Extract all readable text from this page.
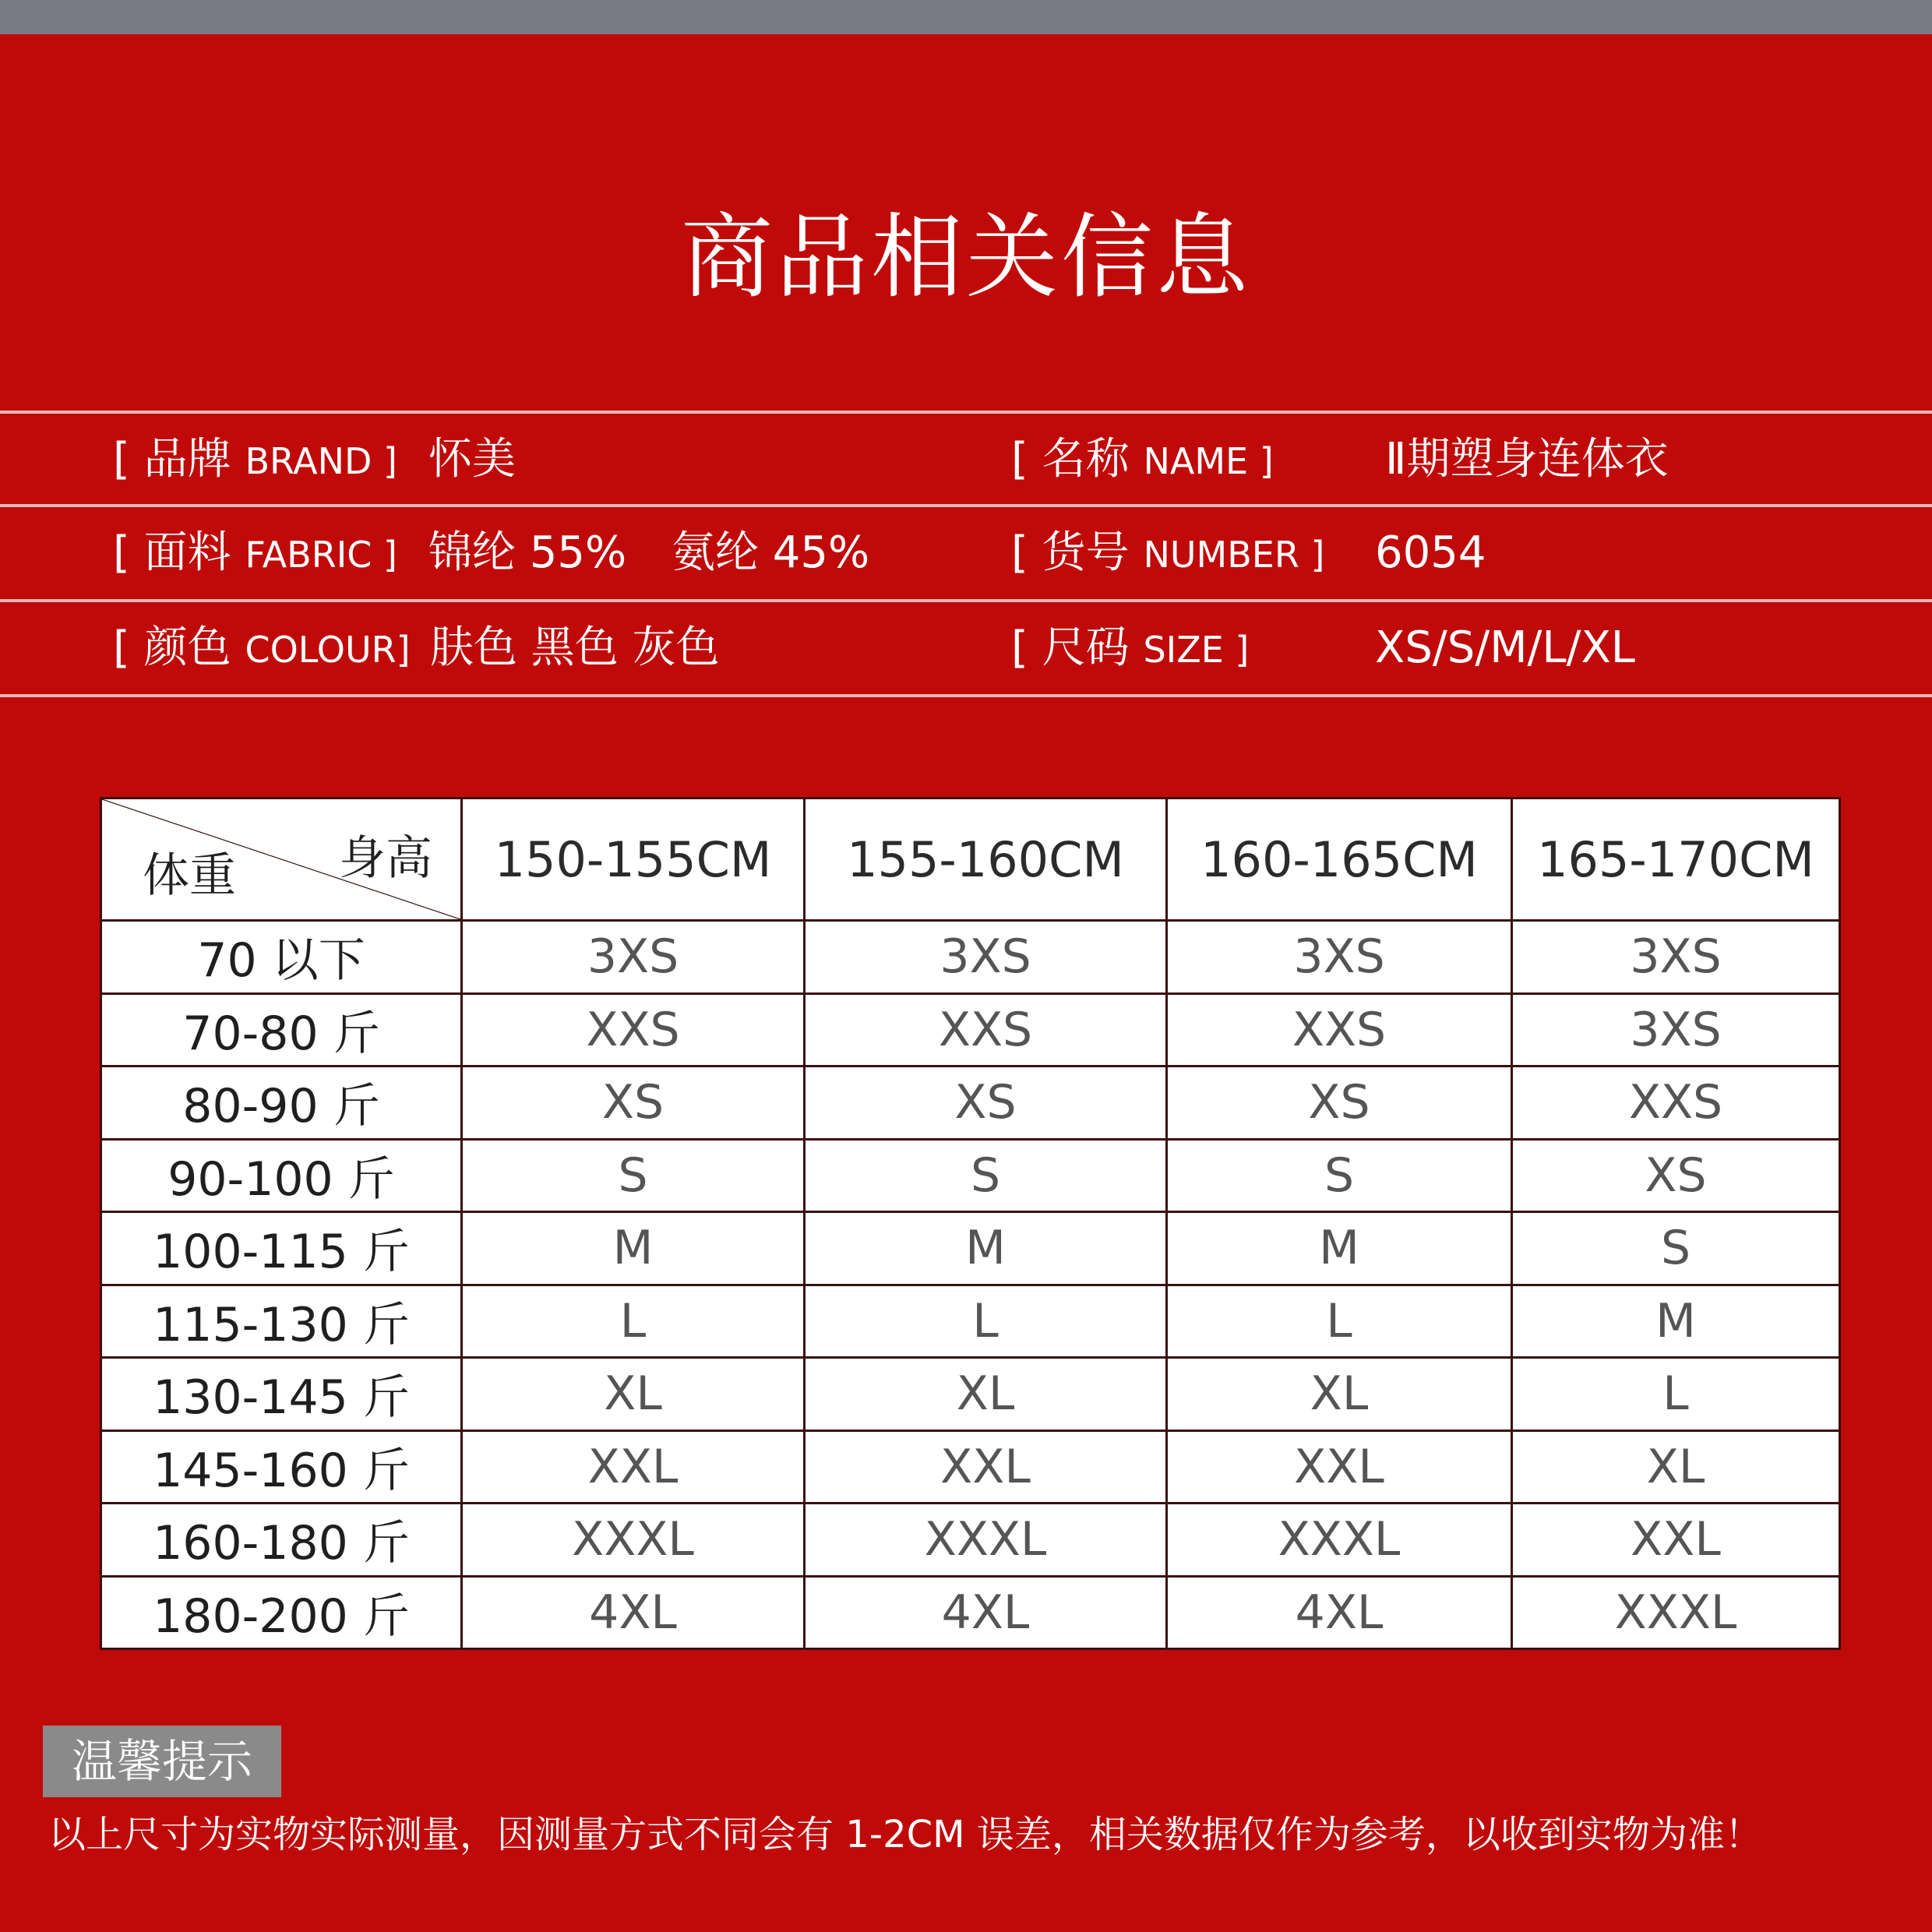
商品相关信息
[ 品牌 BRAND ] 怀美	[ 名称 NAME ]	Ⅱ期塑身连体衣
[ 面料 FABRIC ] 锦纶 55% 氨纶 45%	[ 货号 NUMBER ] 6054
[ 颜色 COLOUR] 肤色 黑色 灰色	[ 尺码 SIZE ]	XS/S/M/L/XL
身高
体重	150-155CM	155-160CM	160-165CM	165-170CM
70 以下	3XS	3XS	3XS	3XS
70-80 斤	XXS	XXS	XXS	3XS
80-90 斤	XS	XS	XS	XXS
90-100 斤	S	S	S	XS
100-115 斤	M	M	M	S
115-130 斤	L	L	L	M
130-145 斤	XL	XL	XL	L
145-160 斤	XXL	XXL	XXL	XL
160-180 斤	XXXL	XXXL	XXXL	XXL
180-200 斤	4XL	4XL	4XL	XXXL
温馨提示
以上尺寸为实物实际测量，因测量方式不同会有 1-2CM 误差，相关数据仅作为参考，以收到实物为准！
